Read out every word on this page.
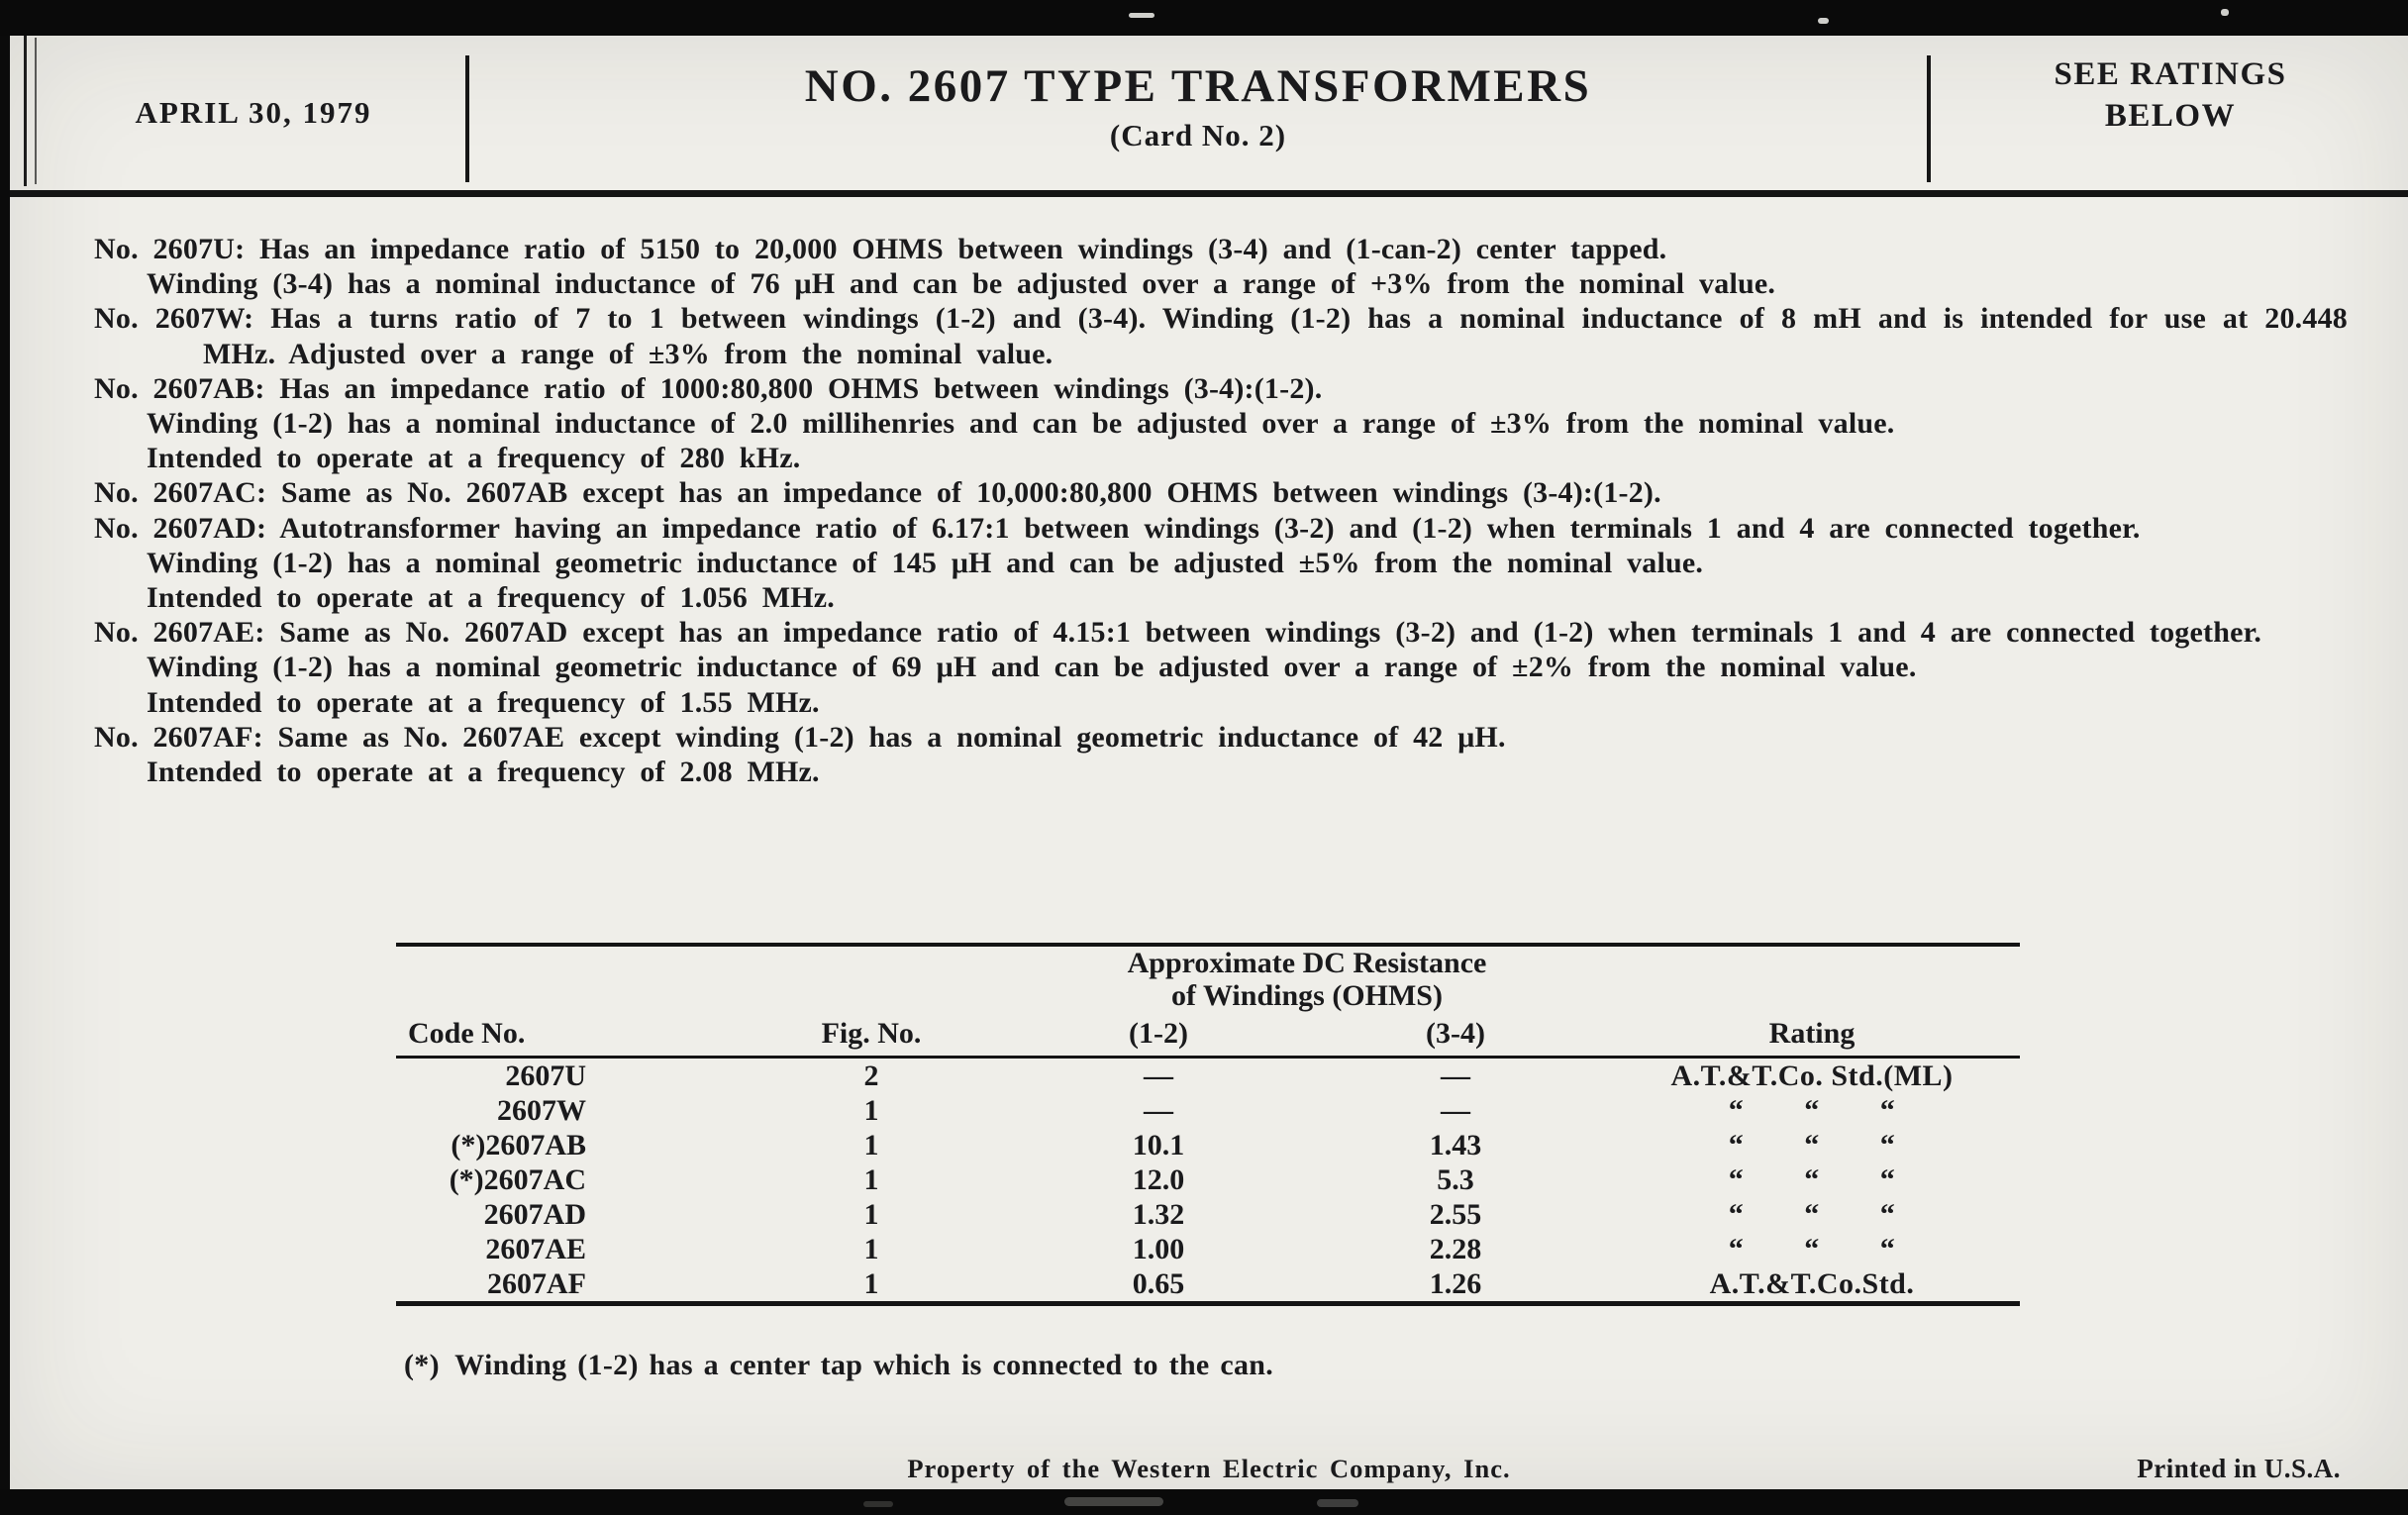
APRIL 30, 1979
NO. 2607 TYPE TRANSFORMERS
(Card No. 2)
SEE RATINGS
BELOW

No. 2607U: Has an impedance ratio of 5150 to 20,000 OHMS between windings (3-4) and (1-can-2) center tapped.

Winding (3-4) has a nominal inductance of 76 μH and can be adjusted over a range of +3% from the nominal value.

No. 2607W: Has a turns ratio of 7 to 1 between windings (1-2) and (3-4). Winding (1-2) has a nominal inductance of 8 mH and is intended for use at 20.448 MHz. Adjusted over a range of ±3% from the nominal value.

No. 2607AB: Has an impedance ratio of 1000:80,800 OHMS between windings (3-4):(1-2).

Winding (1-2) has a nominal inductance of 2.0 millihenries and can be adjusted over a range of ±3% from the nominal value.

Intended to operate at a frequency of 280 kHz.

No. 2607AC: Same as No. 2607AB except has an impedance of 10,000:80,800 OHMS between windings (3-4):(1-2).

No. 2607AD: Autotransformer having an impedance ratio of 6.17:1 between windings (3-2) and (1-2) when terminals 1 and 4 are connected together.

Winding (1-2) has a nominal geometric inductance of 145 μH and can be adjusted ±5% from the nominal value.

Intended to operate at a frequency of 1.056 MHz.

No. 2607AE: Same as No. 2607AD except has an impedance ratio of 4.15:1 between windings (3-2) and (1-2) when terminals 1 and 4 are connected together.

Winding (1-2) has a nominal geometric inductance of 69 μH and can be adjusted over a range of ±2% from the nominal value.

Intended to operate at a frequency of 1.55 MHz.

No. 2607AF: Same as No. 2607AE except winding (1-2) has a nominal geometric inductance of 42 μH.

Intended to operate at a frequency of 2.08 MHz.

		Approximate DC Resistance
of Windings (OHMS)		

Code No.	Fig. No.	(1-2)	(3-4)	Rating
2607U	2	—	—	A.T.&T.Co. Std.(ML)
2607W	1	—	—	“  “  “
(*)2607AB	1	10.1	1.43	“  “  “
(*)2607AC	1	12.0	5.3	“  “  “
2607AD	1	1.32	2.55	“  “  “
2607AE	1	1.00	2.28	“  “  “
2607AF	1	0.65	1.26	A.T.&T.Co.Std.
(*) Winding (1-2) has a center tap which is connected to the can.
Property of the Western Electric Company, Inc.	Printed in U.S.A.
